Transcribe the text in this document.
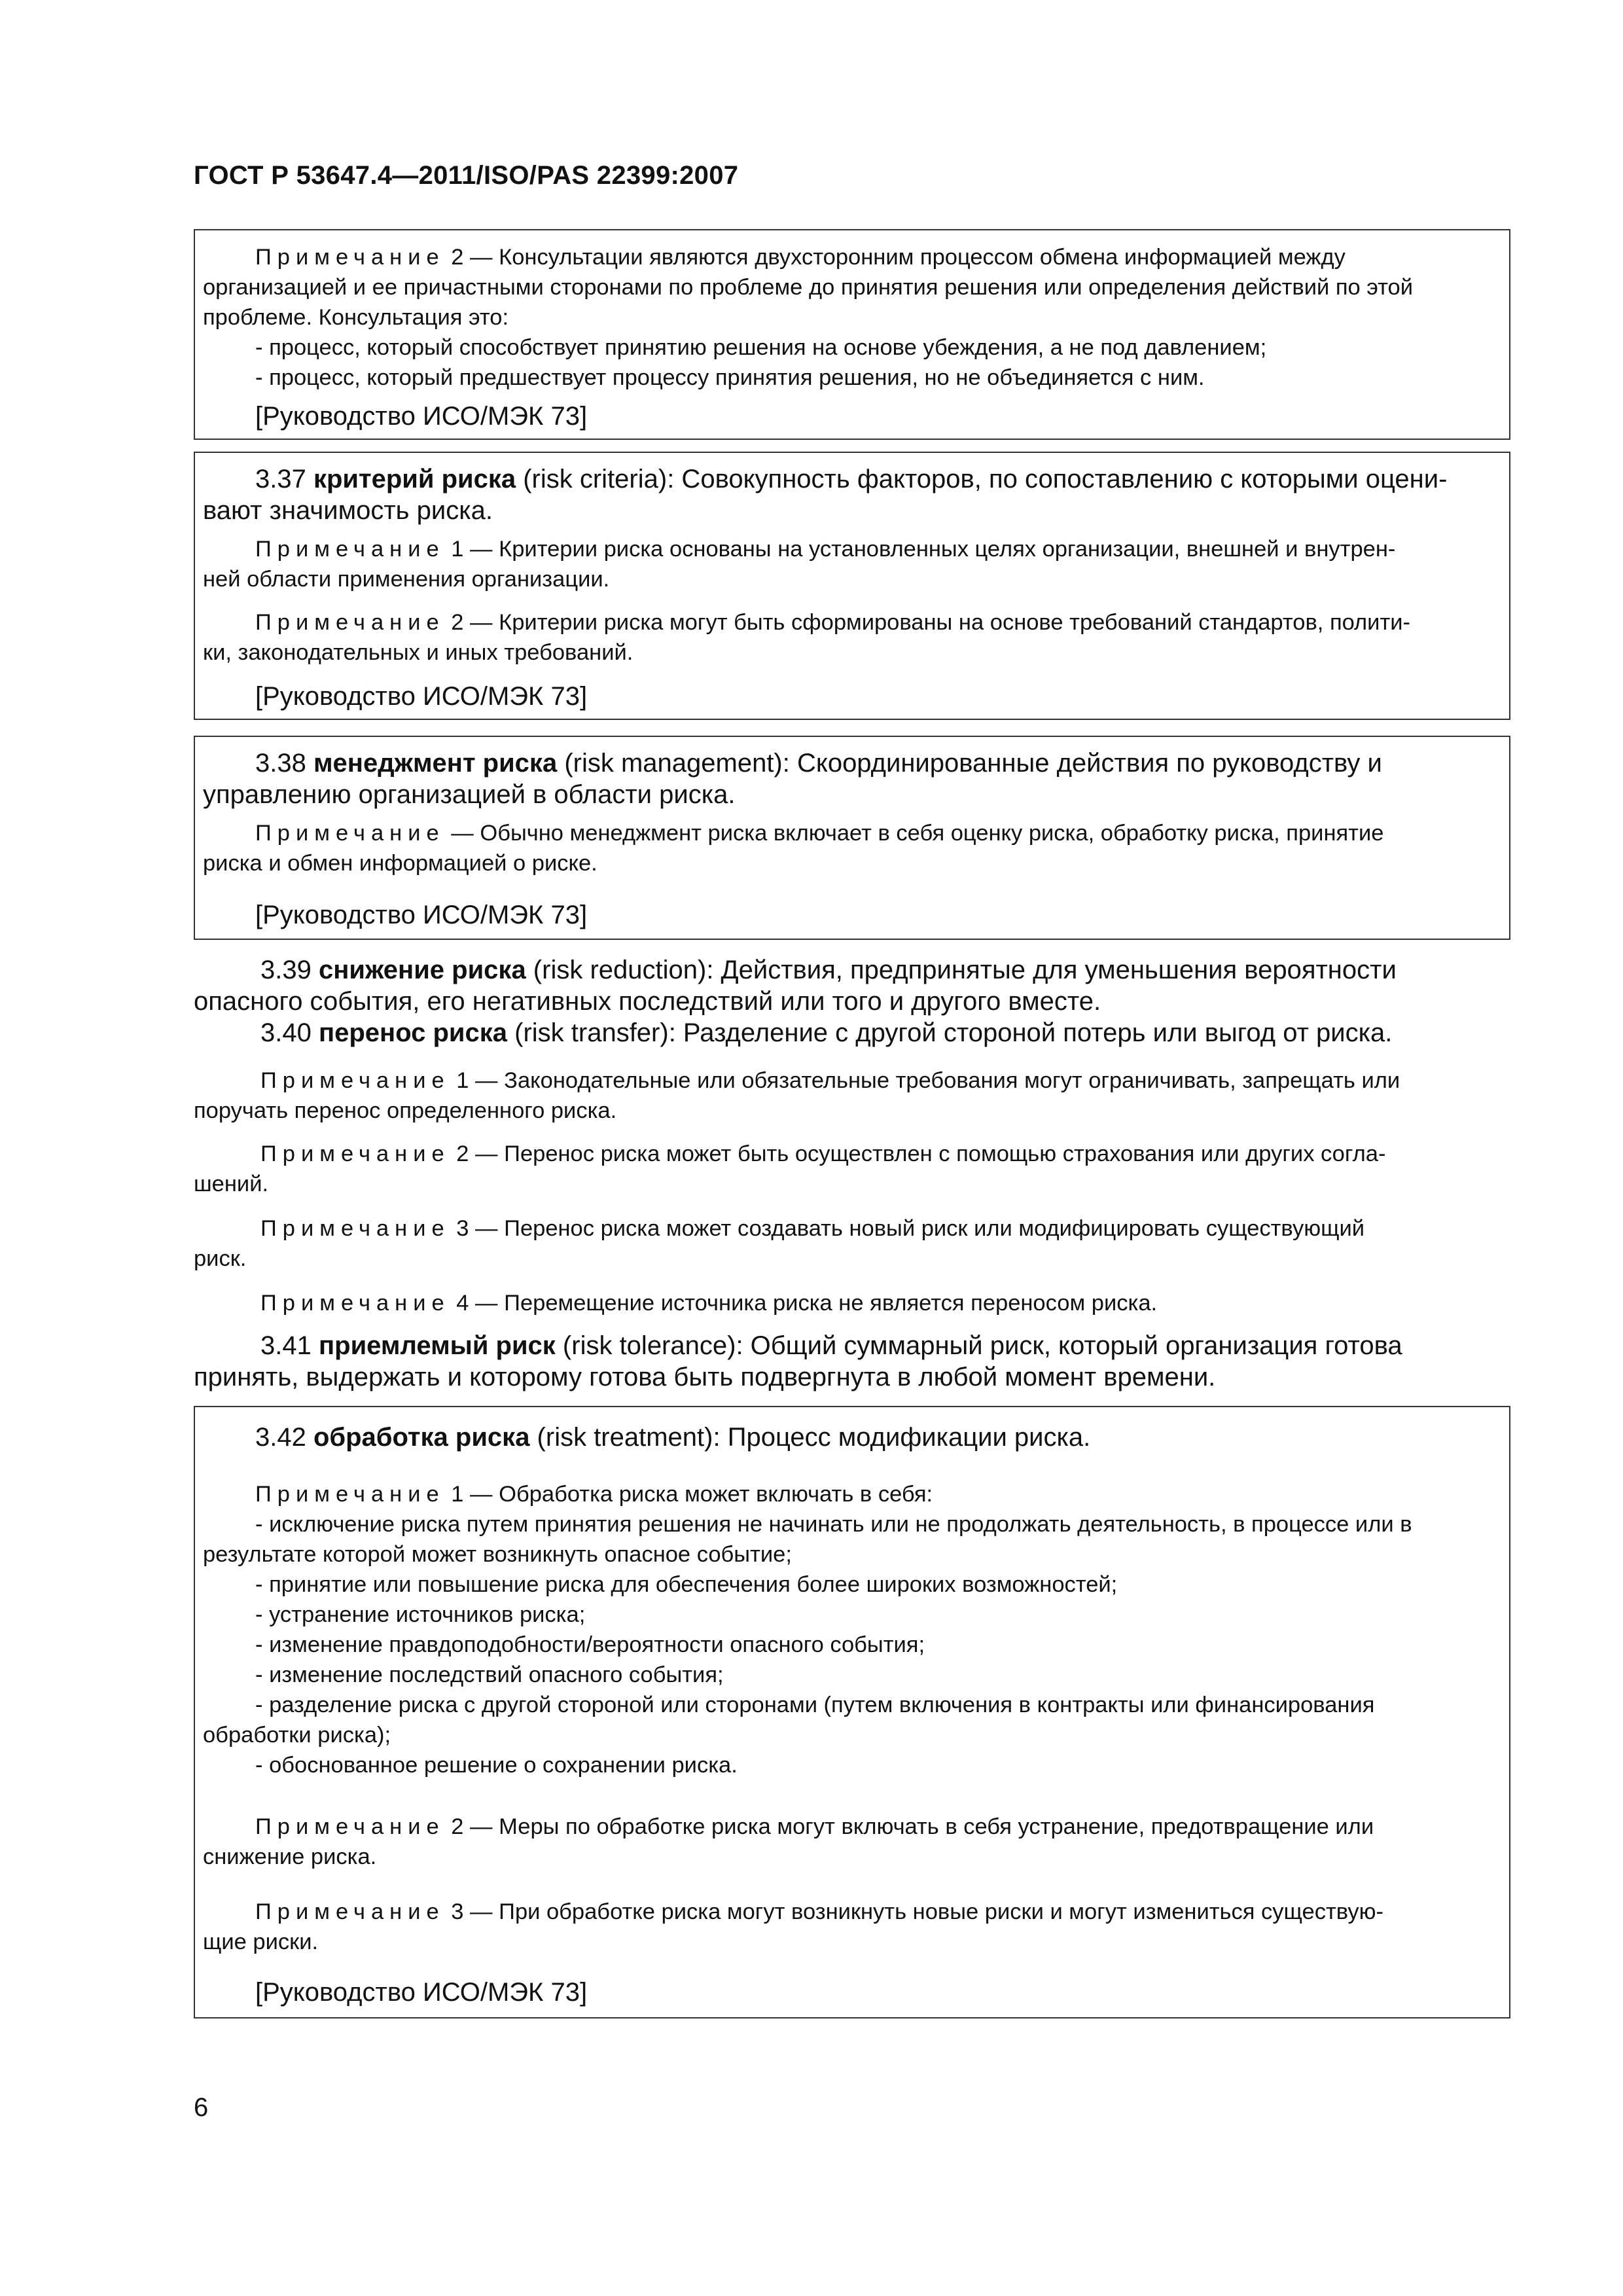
ГОСТ Р 53647.4—2011/ISO/PAS 22399:2007
Примечание 2 — Консультации являются двухсторонним процессом обмена информацией между
организацией и ее причастными сторонами по проблеме до принятия решения или определения действий по этой
проблеме. Консультация это:
- процесс, который способствует принятию решения на основе убеждения, а не под давлением;
- процесс, который предшествует процессу принятия решения, но не объединяется с ним.
[Руководство ИСО/МЭК 73]
3.37 критерий риска (risk criteria): Совокупность факторов, по сопоставлению с которыми оцени-
вают значимость риска.
Примечание 1 — Критерии риска основаны на установленных целях организации, внешней и внутрен-
ней области применения организации.
Примечание 2 — Критерии риска могут быть сформированы на основе требований стандартов, полити-
ки, законодательных и иных требований.
[Руководство ИСО/МЭК 73]
3.38 менеджмент риска (risk management): Скоординированные действия по руководству и
управлению организацией в области риска.
Примечание — Обычно менеджмент риска включает в себя оценку риска, обработку риска, принятие
риска и обмен информацией о риске.
[Руководство ИСО/МЭК 73]
3.39 снижение риска (risk reduction): Действия, предпринятые для уменьшения вероятности
опасного события, его негативных последствий или того и другого вместе.
3.40 перенос риска (risk transfer): Разделение с другой стороной потерь или выгод от риска.
Примечание 1 — Законодательные или обязательные требования могут ограничивать, запрещать или
поручать перенос определенного риска.
Примечание 2 — Перенос риска может быть осуществлен с помощью страхования или других согла-
шений.
Примечание 3 — Перенос риска может создавать новый риск или модифицировать существующий
риск.
Примечание 4 — Перемещение источника риска не является переносом риска.
3.41 приемлемый риск (risk tolerance): Общий суммарный риск, который организация готова
принять, выдержать и которому готова быть подвергнута в любой момент времени.
3.42 обработка риска (risk treatment): Процесс модификации риска.
Примечание 1 — Обработка риска может включать в себя:
- исключение риска путем принятия решения не начинать или не продолжать деятельность, в процессе или в
результате которой может возникнуть опасное событие;
- принятие или повышение риска для обеспечения более широких возможностей;
- устранение источников риска;
- изменение правдоподобности/вероятности опасного события;
- изменение последствий опасного события;
- разделение риска с другой стороной или сторонами (путем включения в контракты или финансирования
обработки риска);
- обоснованное решение о сохранении риска.
Примечание 2 — Меры по обработке риска могут включать в себя устранение, предотвращение или
снижение риска.
Примечание 3 — При обработке риска могут возникнуть новые риски и могут измениться существую-
щие риски.
[Руководство ИСО/МЭК 73]
6
